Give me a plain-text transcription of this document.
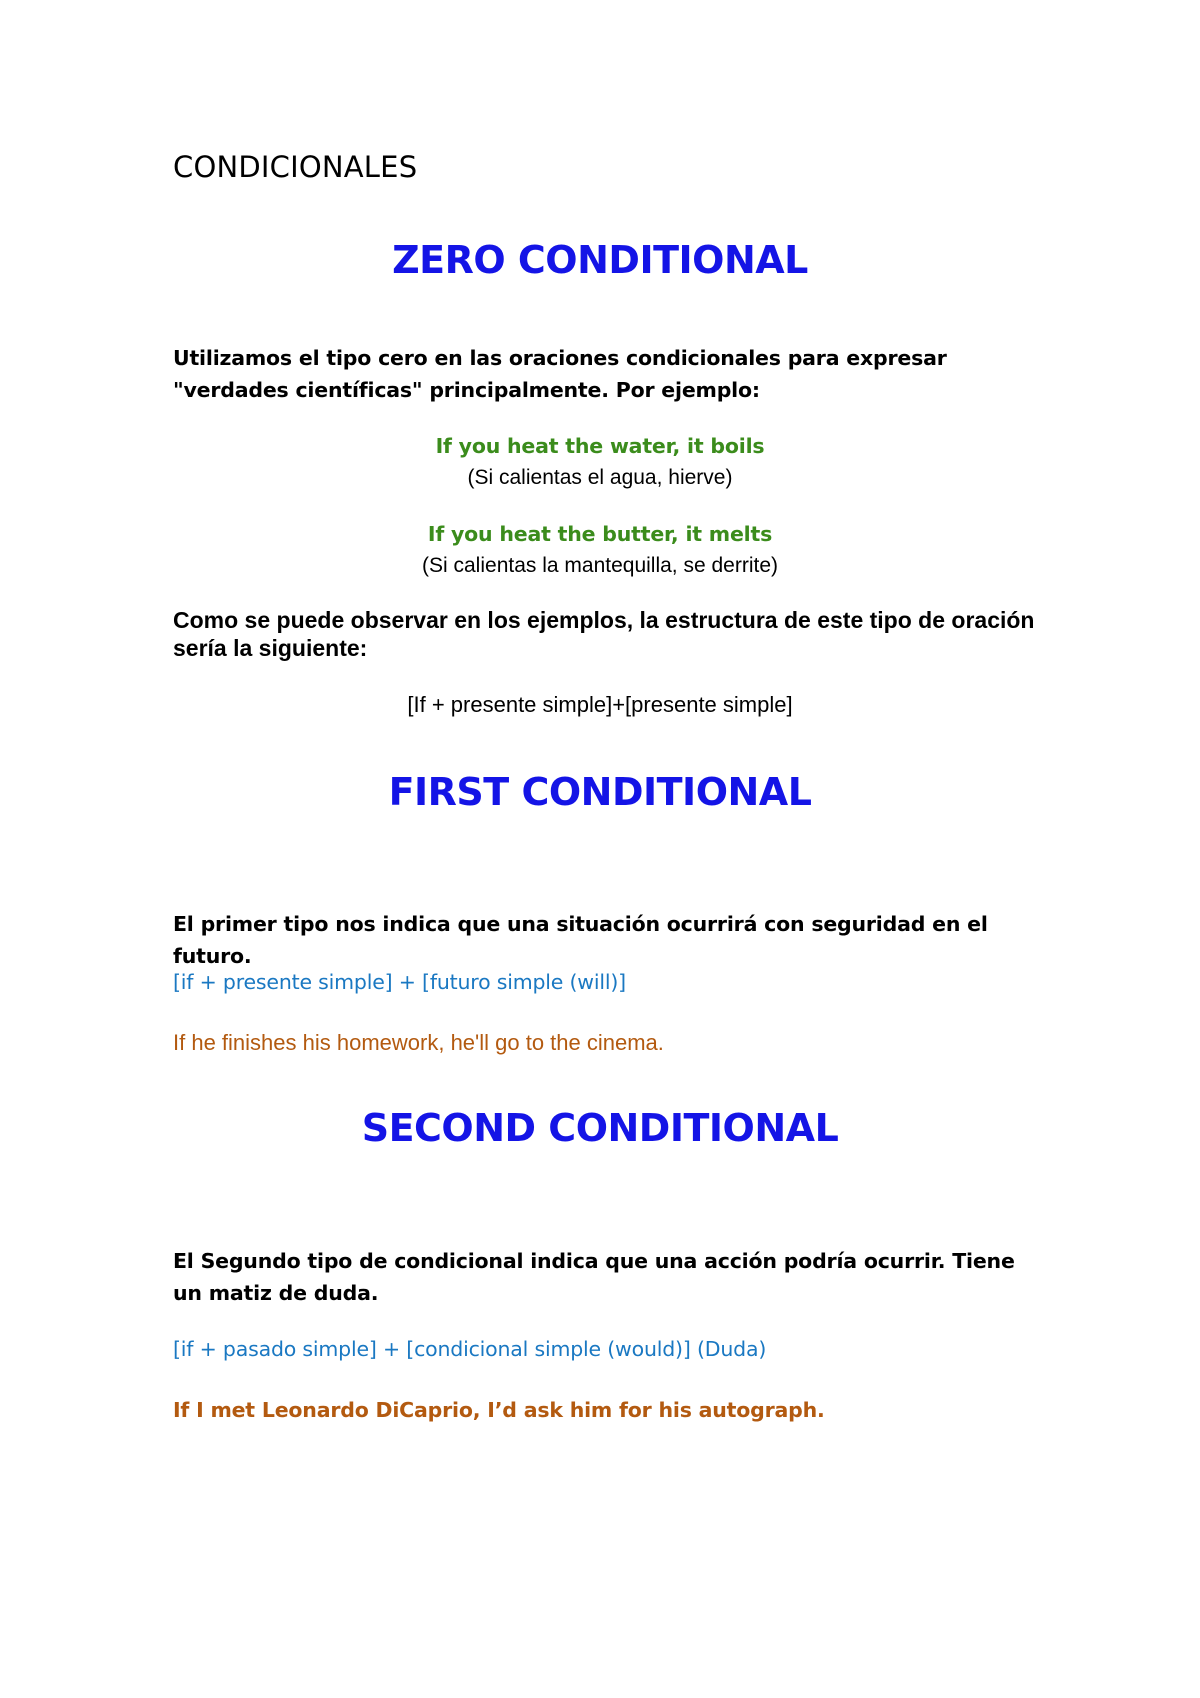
CONDICIONALES

ZERO CONDITIONAL

Utilizamos el tipo cero en las oraciones condicionales para expresar "verdades científicas" principalmente. Por ejemplo:

If you heat the water, it boils

(Si calientas el agua, hierve)

If you heat the butter, it melts

(Si calientas la mantequilla, se derrite)

Como se puede observar en los ejemplos, la estructura de este tipo de oración sería la siguiente:

[If + presente simple]+[presente simple]

FIRST CONDITIONAL

El primer tipo nos indica que una situación ocurrirá con seguridad en el futuro.

[if + presente simple] + [futuro simple (will)]

If he finishes his homework, he'll go to the cinema.

SECOND CONDITIONAL

El Segundo tipo de condicional indica que una acción podría ocurrir. Tiene un matiz de duda.

[if + pasado simple] + [condicional simple (would)] (Duda)

If I met Leonardo DiCaprio, I’d ask him for his autograph.
